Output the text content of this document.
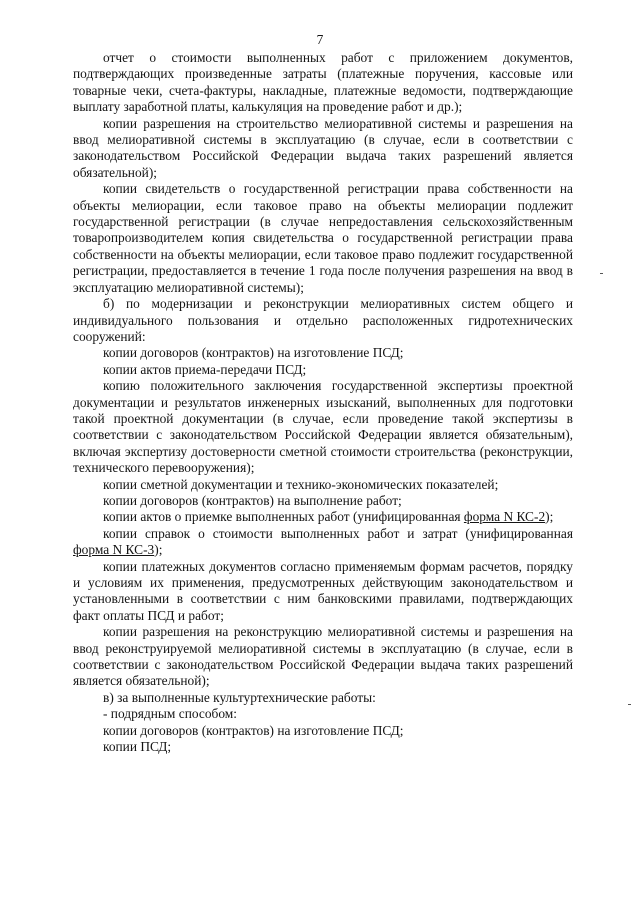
7

отчет о стоимости выполненных работ с приложением документов, подтверждающих произведенные затраты (платежные поручения, кассовые или товарные чеки, счета-фактуры, накладные, платежные ведомости, подтверждающие выплату заработной платы, калькуляция на проведение работ и др.);

копии разрешения на строительство мелиоративной системы и разрешения на ввод мелиоративной системы в эксплуатацию (в случае, если в соответствии с законодательством Российской Федерации выдача таких разрешений является обязательной);

копии свидетельств о государственной регистрации права собственности на объекты мелиорации, если таковое право на объекты мелиорации подлежит государственной регистрации (в случае непредоставления сельскохозяйственным товаропроизводителем копия свидетельства о государственной регистрации права собственности на объекты мелиорации, если таковое право подлежит государственной регистрации, предоставляется в течение 1 года после получения разрешения на ввод в эксплуатацию мелиоративной системы);

б) по модернизации и реконструкции мелиоративных систем общего и индивидуального пользования и отдельно расположенных гидротехнических сооружений:

копии договоров (контрактов) на изготовление ПСД;

копии актов приема-передачи ПСД;

копию положительного заключения государственной экспертизы проектной документации и результатов инженерных изысканий, выполненных для подготовки такой проектной документации (в случае, если проведение такой экспертизы в соответствии с законодательством Российской Федерации является обязательным), включая экспертизу достоверности сметной стоимости строительства (реконструкции, технического перевооружения);

копии сметной документации и технико-экономических показателей;

копии договоров (контрактов) на выполнение работ;

копии актов о приемке выполненных работ (унифицированная форма N КС-2);

копии справок о стоимости выполненных работ и затрат (унифицированная форма N КС-3);

копии платежных документов согласно применяемым формам расчетов, порядку и условиям их применения, предусмотренных действующим законодательством и установленными в соответствии с ним банковскими правилами, подтверждающих факт оплаты ПСД и работ;

копии разрешения на реконструкцию мелиоративной системы и разрешения на ввод реконструируемой мелиоративной системы в эксплуатацию (в случае, если в соответствии с законодательством Российской Федерации выдача таких разрешений является обязательной);

в) за выполненные культуртехнические работы:

- подрядным способом:

копии договоров (контрактов) на изготовление ПСД;

копии ПСД;
